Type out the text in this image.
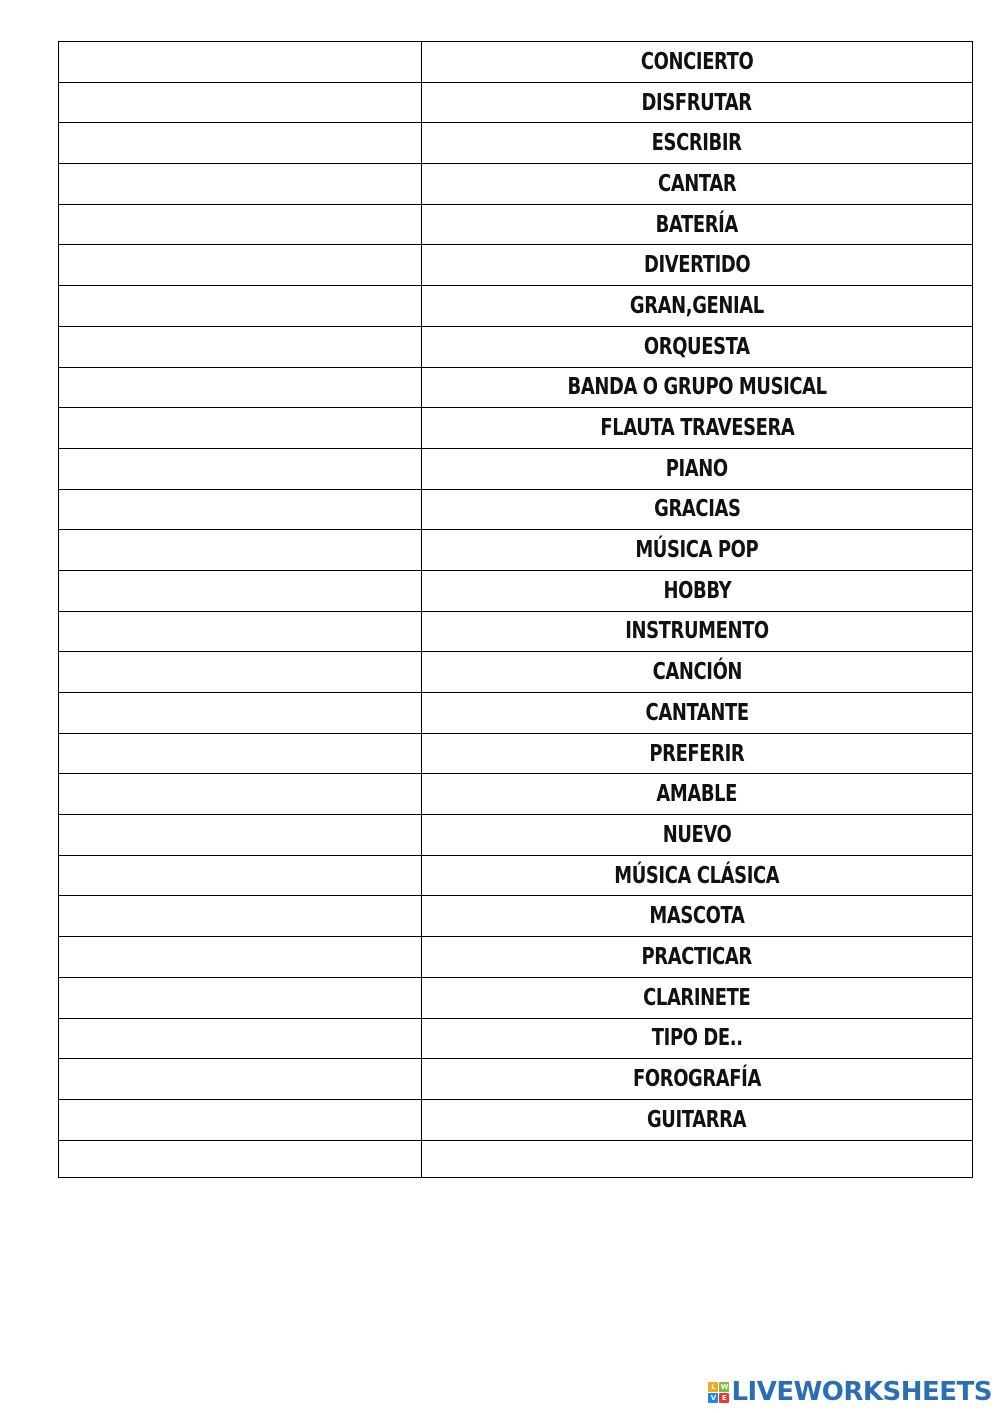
	CONCIERTO
	DISFRUTAR
	ESCRIBIR
	CANTAR
	BATERÍA
	DIVERTIDO
	GRAN,GENIAL
	ORQUESTA
	BANDA O GRUPO MUSICAL
	FLAUTA TRAVESERA
	PIANO
	GRACIAS
	MÚSICA POP
	HOBBY
	INSTRUMENTO
	CANCIÓN
	CANTANTE
	PREFERIR
	AMABLE
	NUEVO
	MÚSICA CLÁSICA
	MASCOTA
	PRACTICAR
	CLARINETE
	TIPO DE..
	FOROGRAFÍA
	GUITARRA

L W
V E LIVEWORKSHEETS
